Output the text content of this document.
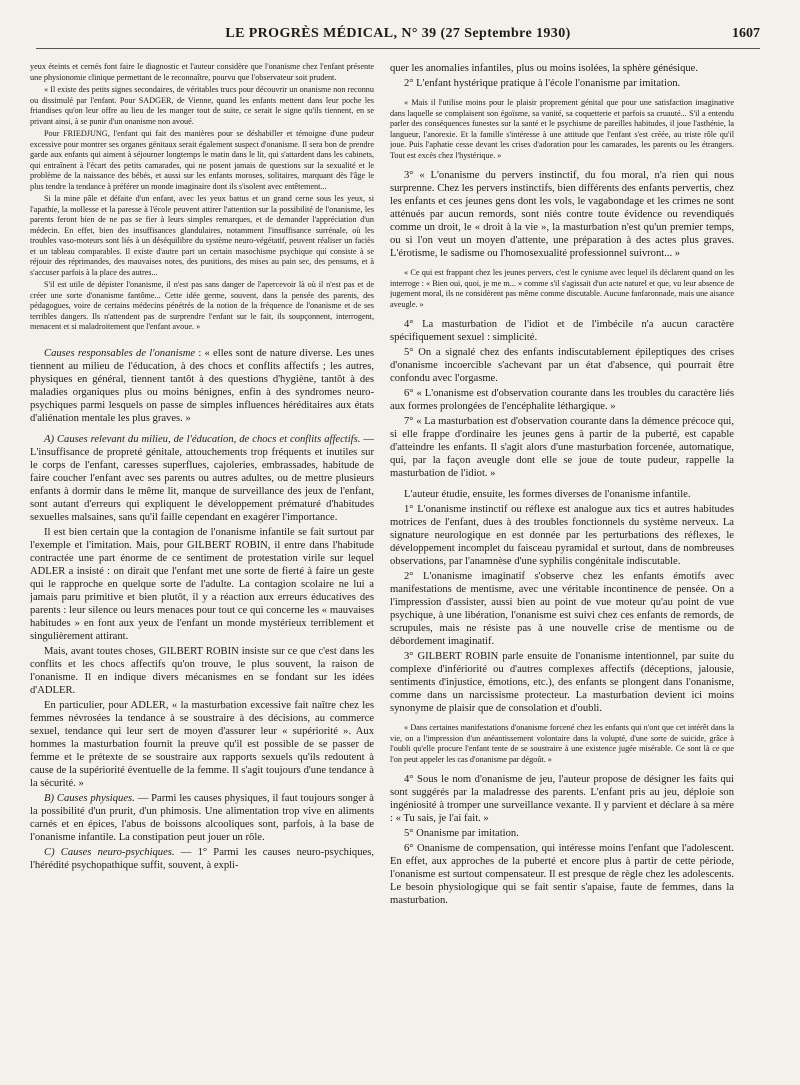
LE PROGRÈS MÉDICAL, N° 39 (27 Septembre 1930)	1607

yeux éteints et cernés font faire le diagnostic et l'auteur considère que l'onanisme chez l'enfant présente une physionomie clinique permettant de le reconnaître, pourvu que l'observateur soit prudent.

« Il existe des petits signes secondaires, de véritables trucs pour découvrir un onanisme non reconnu ou dissimulé par l'enfant. Pour SADGER, de Vienne, quand les enfants mettent dans leur poche les friandises qu'on leur offre au lieu de les manger tout de suite, ce serait le signe qu'ils tiennent, en se privant ainsi, à se punir d'un onanisme non avoué.

Pour FRIEDJUNG, l'enfant qui fait des manières pour se déshabiller et témoigne d'une pudeur excessive pour montrer ses organes génitaux serait également suspect d'onanisme. Il sera bon de prendre garde aux enfants qui aiment à séjourner longtemps le matin dans le lit, qui s'attardent dans les cabinets, qui entraînent à l'écart des petits camarades, qui ne posent jamais de questions sur la sexualité et le problème de la naissance des bébés, et aussi sur les enfants moroses, solitaires, marquant dès l'âge le plus tendre la tendance à préférer un monde imaginaire dont ils s'isolent avec entêtement...

Si la mine pâle et défaite d'un enfant, avec les yeux battus et un grand cerne sous les yeux, si l'apathie, la mollesse et la paresse à l'école peuvent attirer l'attention sur la possibilité de l'onanisme, les parents feront bien de ne pas se fier à leurs simples remarques, et de demander l'appréciation d'un médecin. En effet, bien des insuffisances glandulaires, notamment l'insuffisance surrénale, où les troubles vaso-moteurs sont liés à un déséquilibre du système neuro-végétatif, peuvent réaliser un faciès et un tableau comparables. Il existe d'autre part un certain masochisme psychique qui consiste à se réjouir des réprimandes, des mauvaises notes, des punitions, des mises au pain sec, des pensums, et à s'accuser parfois à la place des autres...

S'il est utile de dépister l'onanisme, il n'est pas sans danger de l'apercevoir là où il n'est pas et de créer une sorte d'onanisme fantôme... Cette idée germe, souvent, dans la pensée des parents, des pédagogues, voire de certains médecins pénétrés de la notion de la fréquence de l'onanisme et de ses terribles dangers. Ils n'attendent pas de surprendre l'enfant sur le fait, ils soupçonnent, interrogent, menacent et si maladroitement que l'enfant avoue. »

Causes responsables de l'onanisme : « elles sont de nature diverse. Les unes tiennent au milieu de l'éducation, à des chocs et conflits affectifs ; les autres, physiques en général, tiennent tantôt à des questions d'hygiène, tantôt à des maladies organiques plus ou moins bénignes, enfin à des syndromes neuro-psychiques parmi lesquels on passe de simples influences héréditaires aux états d'aliénation mentale les plus graves. »

A) Causes relevant du milieu, de l'éducation, de chocs et conflits affectifs. — L'insuffisance de propreté génitale, attouchements trop fréquents et inutiles sur le corps de l'enfant, caresses superflues, cajoleries, embrassades, habitude de faire coucher l'enfant avec ses parents ou autres adultes, ou de mettre plusieurs enfants à dormir dans le même lit, manque de surveillance des jeux de l'enfant, sont autant d'erreurs qui expliquent le développement prématuré d'habitudes sexuelles malsaines, sans qu'il faille cependant en exagérer l'importance.

Il est bien certain que la contagion de l'onanisme infantile se fait surtout par l'exemple et l'imitation. Mais, pour GILBERT ROBIN, il entre dans l'habitude contractée une part énorme de ce sentiment de protestation virile sur lequel ADLER a insisté : on dirait que l'enfant met une sorte de fierté à faire un geste qui le rapproche en quelque sorte de l'adulte. La contagion scolaire ne lui a jamais paru primitive et bien plutôt, il y a réaction aux erreurs éducatives des parents : leur silence ou leurs menaces pour tout ce qui concerne les « mauvaises habitudes » en font aux yeux de l'enfant un monde mystérieux terriblement et singulièrement attirant.

Mais, avant toutes choses, GILBERT ROBIN insiste sur ce que c'est dans les conflits et les chocs affectifs qu'on trouve, le plus souvent, la raison de l'onanisme. Il en indique divers mécanismes en se fondant sur les idées d'ADLER.

En particulier, pour ADLER, « la masturbation excessive fait naître chez les femmes névrosées la tendance à se soustraire à des décisions, au commerce sexuel, tendance qui leur sert de moyen d'assurer leur « supériorité ». Aux hommes la masturbation fournit la preuve qu'il est possible de se passer de femme et le prétexte de se soustraire aux rapports sexuels qu'ils redoutent à cause de la supériorité éventuelle de la femme. Il s'agit toujours d'une tendance à la sécurité. »

B) Causes physiques. — Parmi les causes physiques, il faut toujours songer à la possibilité d'un prurit, d'un phimosis. Une alimentation trop vive en aliments carnés et en épices, l'abus de boissons alcooliques sont, parfois, à la base de l'onanisme infantile. La constipation peut jouer un rôle.

C) Causes neuro-psychiques. — 1° Parmi les causes neuro-psychiques, l'hérédité psychopathique suffit, souvent, à expli-

quer les anomalies infantiles, plus ou moins isolées, la sphère génésique.

2° L'enfant hystérique pratique à l'école l'onanisme par imitation.

« Mais il l'utilise moins pour le plaisir proprement génital que pour une satisfaction imaginative dans laquelle se complaisent son égoïsme, sa vanité, sa coquetterie et parfois sa cruauté... S'il a entendu parler des conséquences funestes sur la santé et le psychisme de pareilles habitudes, il joue l'asthénie, la langueur, l'anorexie. Et la famille s'intéresse à une attitude que l'enfant s'est créée, au triste rôle qu'il joue. Puis l'aphatie cesse devant les crises d'adoration pour les camarades, les parents ou les étrangers. Tout est excès chez l'hystérique. »

3° « L'onanisme du pervers instinctif, du fou moral, n'a rien qui nous surprenne. Chez les pervers instinctifs, bien différents des enfants pervertis, chez les enfants et ces jeunes gens dont les vols, le vagabondage et les crimes ne sont atténués par aucun remords, sont niés contre toute évidence ou revendiqués comme un droit, le « droit à la vie », la masturbation n'est qu'un premier temps, ou si l'on veut un moyen d'attente, une préparation à des actes plus graves. L'érotisme, le sadisme ou l'homosexualité professionnel suivront... »

« Ce qui est frappant chez les jeunes pervers, c'est le cynisme avec lequel ils déclarent quand on les interroge : « Bien oui, quoi, je me m... » comme s'il s'agissait d'un acte naturel et que, vu leur absence de jugement moral, ils ne considèrent pas même comme discutable. Aucune fanfaronnade, mais une aisance aveugle. »

4° La masturbation de l'idiot et de l'imbécile n'a aucun caractère spécifiquement sexuel : simplicité.

5° On a signalé chez des enfants indiscutablement épileptiques des crises d'onanisme incoercible s'achevant par un état d'absence, qui pourrait être confondu avec l'orgasme.

6° « L'onanisme est d'observation courante dans les troubles du caractère liés aux formes prolongées de l'encéphalite léthargique. »

7° « La masturbation est d'observation courante dans la démence précoce qui, si elle frappe d'ordinaire les jeunes gens à partir de la puberté, est capable d'atteindre les enfants. Il s'agit alors d'une masturbation forcenée, automatique, qui, par la façon aveugle dont elle se joue de toute pudeur, rappelle la masturbation de l'idiot. »

L'auteur étudie, ensuite, les formes diverses de l'onanisme infantile.

1° L'onanisme instinctif ou réflexe est analogue aux tics et autres habitudes motrices de l'enfant, dues à des troubles fonctionnels du système nerveux. La signature neurologique en est donnée par les perturbations des réflexes, le développement incomplet du faisceau pyramidal et surtout, dans de nombreuses observations, par l'anamnèse d'une syphilis congénitale indiscutable.

2° L'onanisme imaginatif s'observe chez les enfants émotifs avec manifestations de mentisme, avec une véritable incontinence de pensée. On a l'impression d'assister, aussi bien au point de vue moteur qu'au point de vue psychique, à une libération, l'onanisme est suivi chez ces enfants de remords, de scrupules, mais ne résiste pas à une nouvelle crise de mentisme ou de débordement imaginatif.

3° GILBERT ROBIN parle ensuite de l'onanisme intentionnel, par suite du complexe d'infériorité ou d'autres complexes affectifs (déceptions, jalousie, sentiments d'injustice, émotions, etc.), des enfants se plongent dans l'onanisme, comme dans un narcissisme protecteur. La masturbation devient ici moins synonyme de plaisir que de consolation et d'oubli.

« Dans certaines manifestations d'onanisme forcené chez les enfants qui n'ont que cet intérêt dans la vie, on a l'impression d'un anéantissement volontaire dans la volupté, d'une sorte de suicide, grâce à l'oubli qu'elle procure l'enfant tente de se soustraire à une existence jugée misérable. Ce sont là ce que l'on peut appeler les cas d'onanisme par dégoût. »

4° Sous le nom d'onanisme de jeu, l'auteur propose de désigner les faits qui sont suggérés par la maladresse des parents. L'enfant pris au jeu, déploie son ingéniosité à tromper une surveillance vexante. Il y parvient et déclare à sa mère : « Tu sais, je l'ai fait. »

5° Onanisme par imitation.

6° Onanisme de compensation, qui intéresse moins l'enfant que l'adolescent. En effet, aux approches de la puberté et encore plus à partir de cette période, l'onanisme est surtout compensateur. Il est presque de règle chez les adolescents. Le besoin physiologique qui se fait sentir s'apaise, faute de femmes, dans la masturbation.
